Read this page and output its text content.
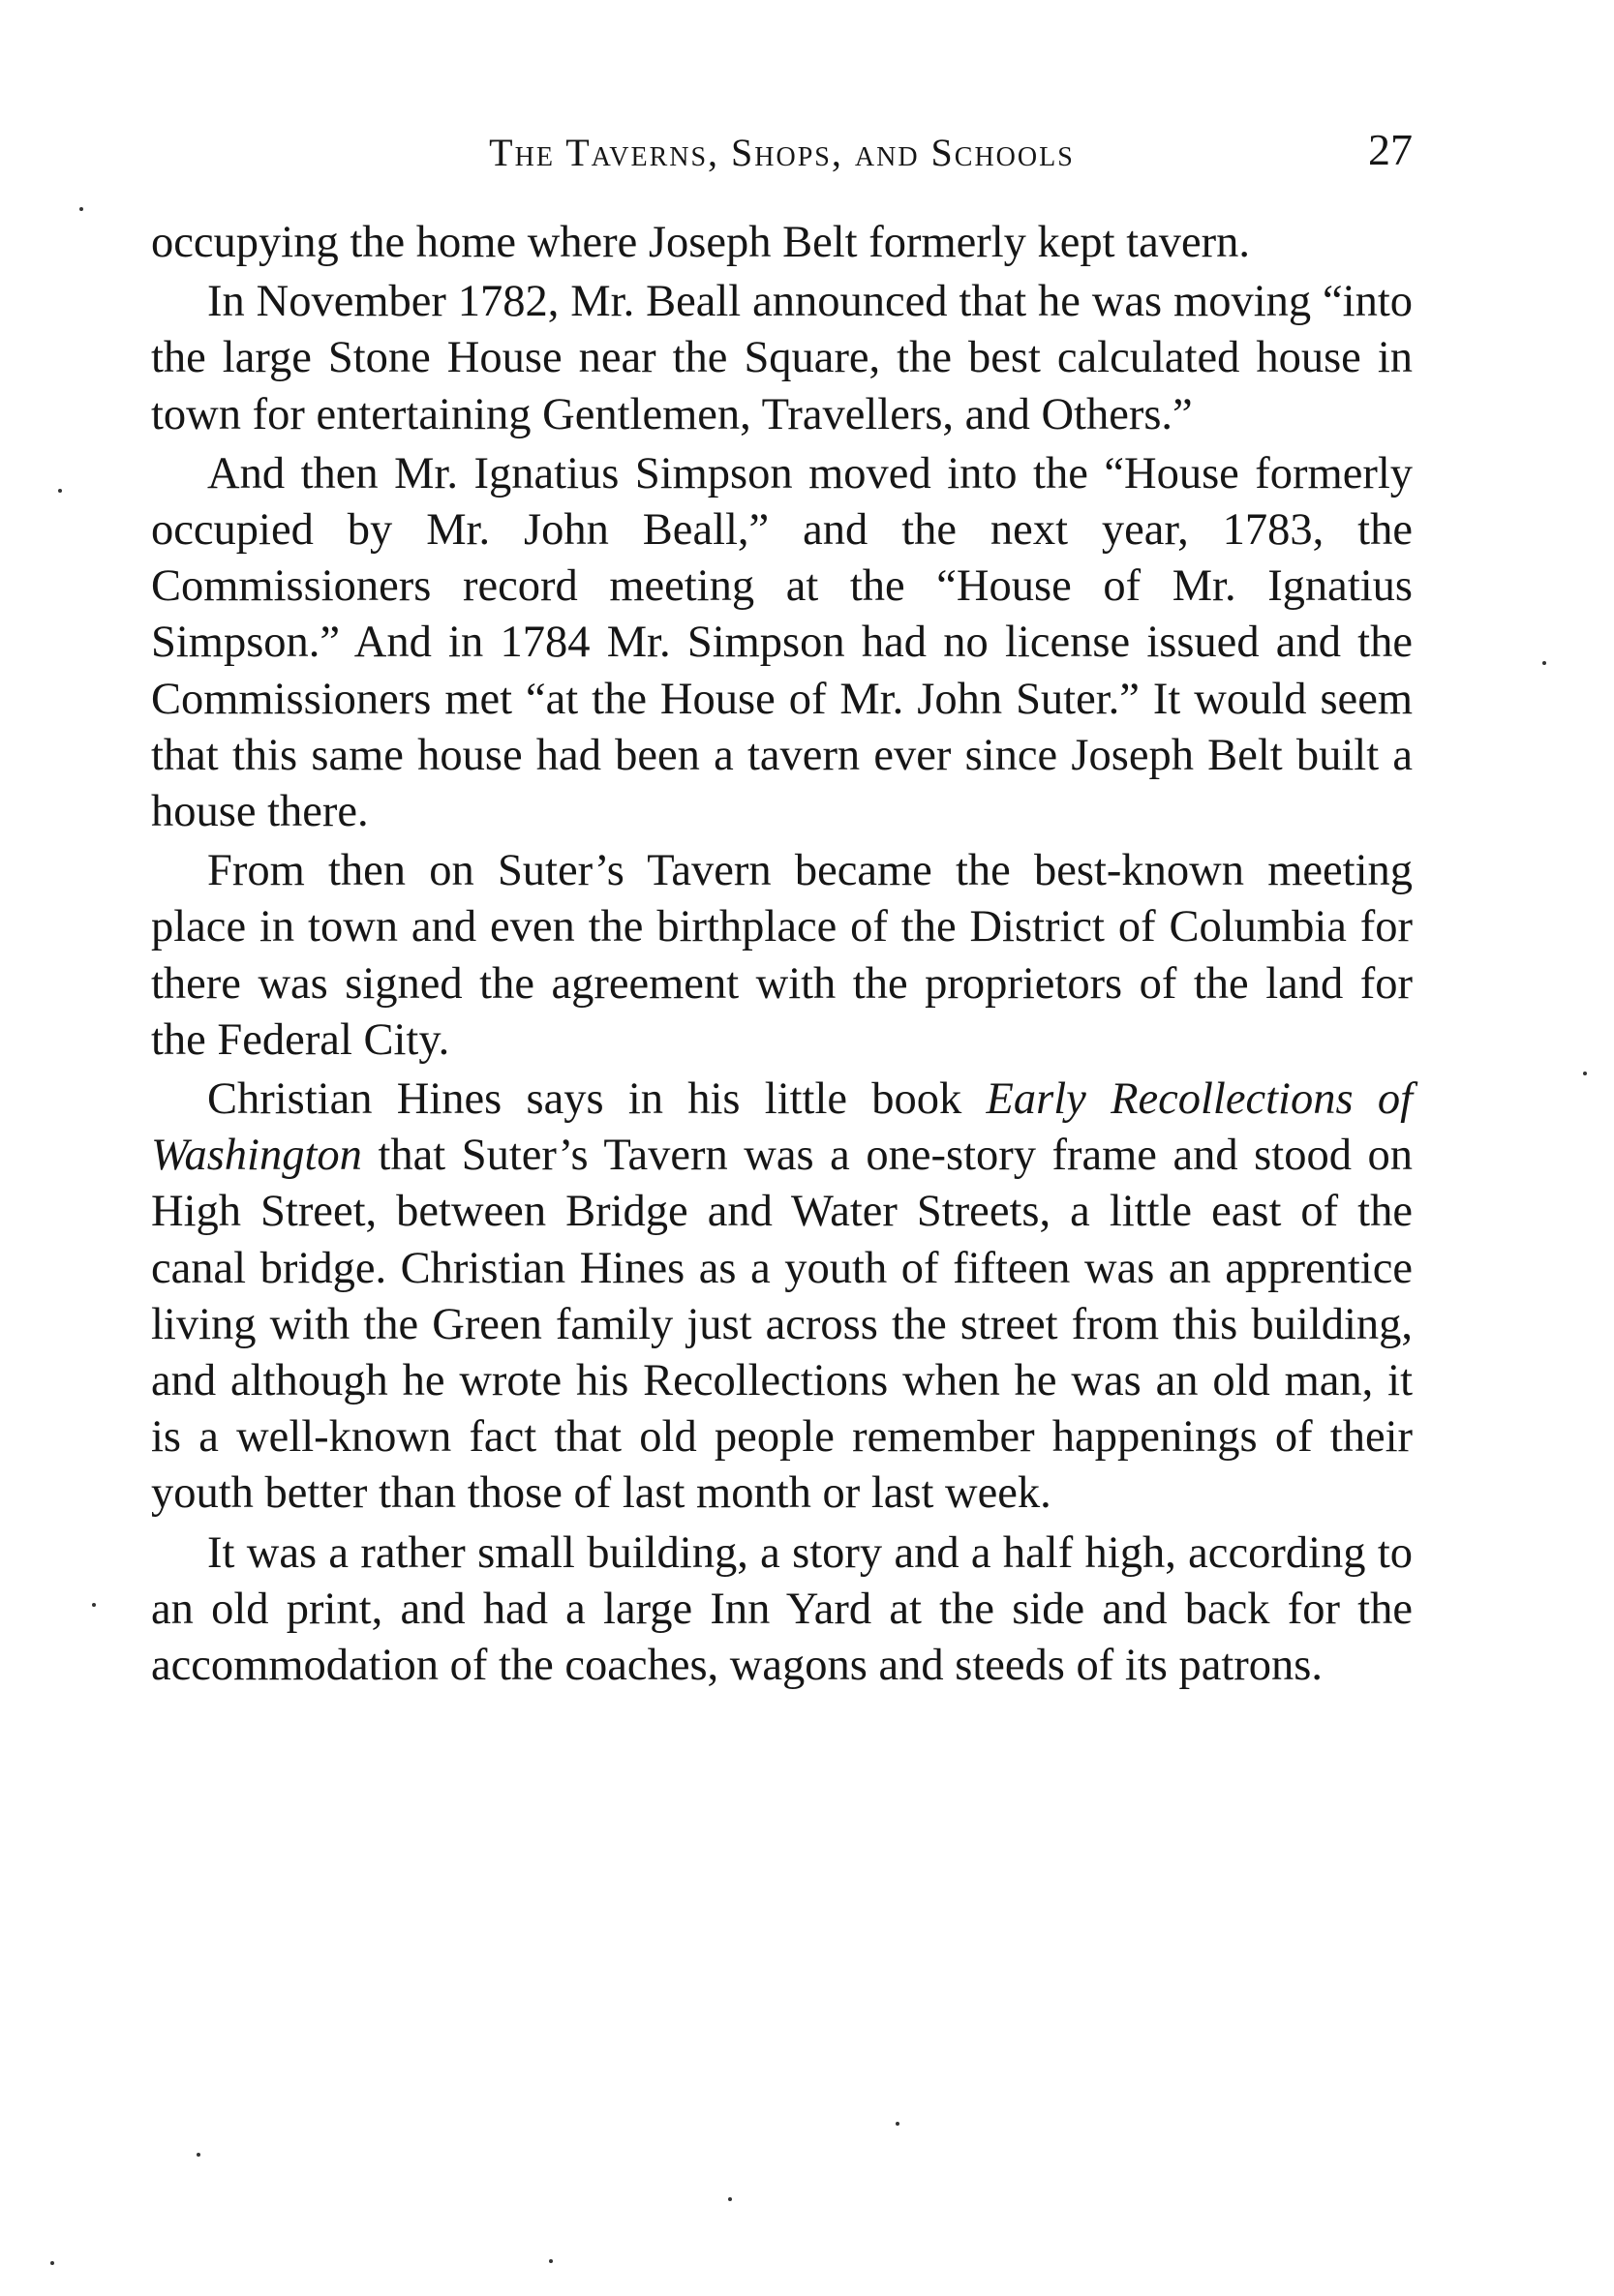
The Taverns, Shops, and Schools	27

occupying the home where Joseph Belt formerly kept tavern.

In November 1782, Mr. Beall announced that he was moving “into the large Stone House near the Square, the best calculated house in town for entertaining Gentlemen, Travellers, and Others.”

And then Mr. Ignatius Simpson moved into the “House formerly occupied by Mr. John Beall,” and the next year, 1783, the Commissioners record meeting at the “House of Mr. Ignatius Simpson.” And in 1784 Mr. Simpson had no license issued and the Commissioners met “at the House of Mr. John Suter.” It would seem that this same house had been a tavern ever since Joseph Belt built a house there.

From then on Suter’s Tavern became the best-known meeting place in town and even the birthplace of the District of Columbia for there was signed the agreement with the proprietors of the land for the Federal City.

Christian Hines says in his little book Early Recollections of Washington that Suter’s Tavern was a one-story frame and stood on High Street, between Bridge and Water Streets, a little east of the canal bridge. Christian Hines as a youth of fifteen was an apprentice living with the Green family just across the street from this building, and although he wrote his Recollections when he was an old man, it is a well-known fact that old people remember happenings of their youth better than those of last month or last week.

It was a rather small building, a story and a half high, according to an old print, and had a large Inn Yard at the side and back for the accommodation of the coaches, wagons and steeds of its patrons.
